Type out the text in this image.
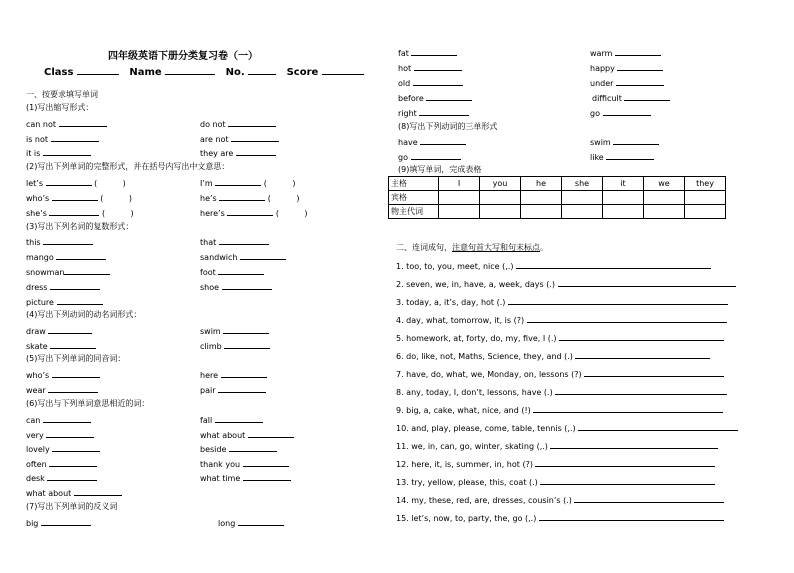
四年级英语下册分类复习卷（一）
Class	Name	No.	Score
一、按要求填写单词
(1)写出缩写形式：
can not	do not
is not	are not
it is	they are
(2)写出下列单词的完整形式，并在括号内写出中文意思：
let’s	(          )	I’m	(          )
who’s	(          )	he’s	(          )
she’s	(          )	here’s	(          )
(3)写出下列名词的复数形式：
this	that
mango	sandwich
snowman	foot
dress	shoe
picture
(4)写出下列动词的动名词形式：
draw	swim
skate	climb
(5)写出下列单词的同音词：
who’s	here
wear	pair
(6)写出与下列单词意思相近的词：
can	fall
very	what about
lovely	beside
often	thank you
desk	what time
what about
(7)写出下列单词的反义词
big	long
fat	warm
hot	happy
old	under
before	difficult
right	go
(8)写出下列动词的三单形式
have	swim
go	like
(9)填写单词，完成表格
主格	I	you	he	she	it	we	they
宾格							
物主代词							
二、连词成句，注意句首大写和句末标点。
1. too, to, you, meet, nice (,.)
2. seven, we, in, have, a, week, days (.)
3. today, a, it’s, day, hot (.)
4. day, what, tomorrow, it, is (?)
5. homework, at, forty, do, my, five, I (.)
6. do, like, not, Maths, Science, they, and (.)
7. have, do, what, we, Monday, on, lessons (?)
8. any, today, I, don’t, lessons, have (.)
9. big, a, cake, what, nice, and (!)
10. and, play, please, come, table, tennis (,.)
11. we, in, can, go, winter, skating (,.)
12. here, it, is, summer, in, hot (?)
13. try, yellow, please, this, coat (.)
14. my, these, red, are, dresses, cousin’s (.)
15. let’s, now, to, party, the, go (,.)
